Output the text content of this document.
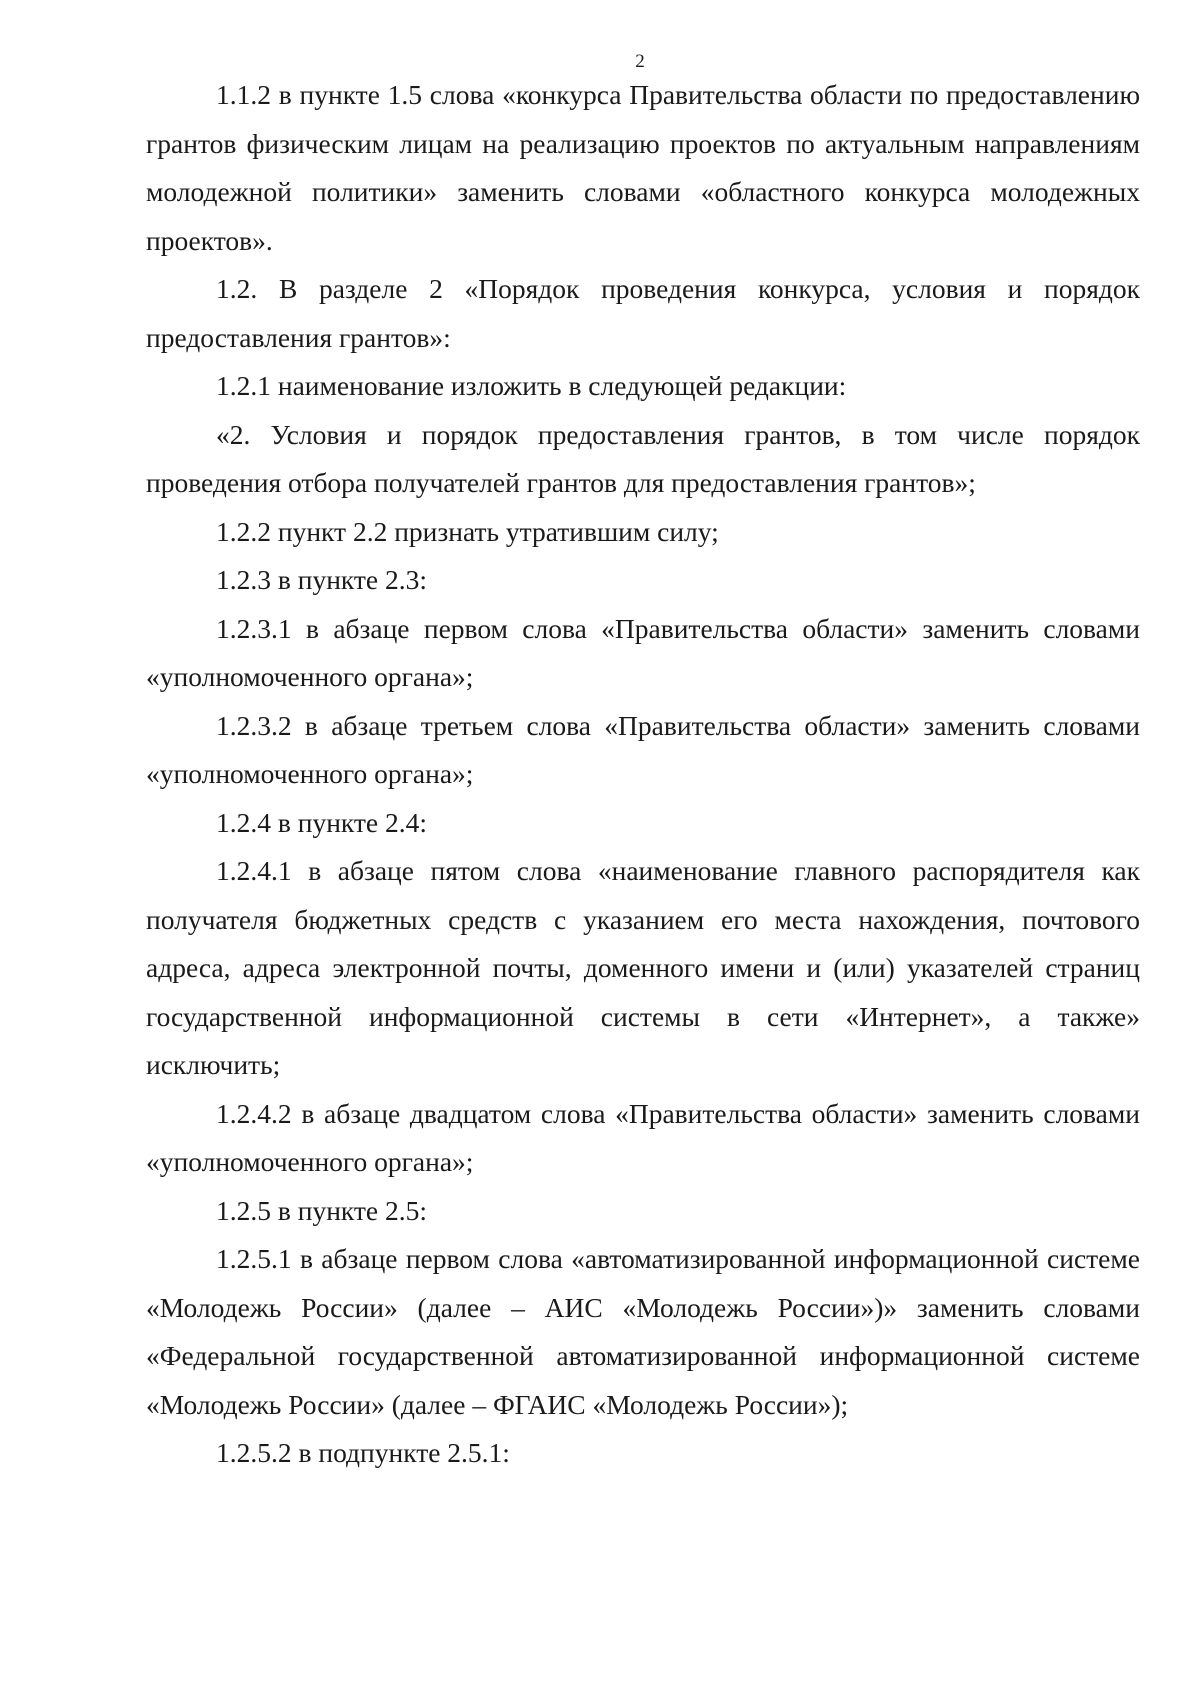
2

1.1.2 в пункте 1.5 слова «конкурса Правительства области по предоставлению грантов физическим лицам на реализацию проектов по актуальным направлениям молодежной политики» заменить словами «областного конкурса молодежных проектов».

1.2. В разделе 2 «Порядок проведения конкурса, условия и порядок предоставления грантов»:

1.2.1 наименование изложить в следующей редакции:

«2. Условия и порядок предоставления грантов, в том числе порядок проведения отбора получателей грантов для предоставления грантов»;

1.2.2 пункт 2.2 признать утратившим силу;

1.2.3 в пункте 2.3:

1.2.3.1 в абзаце первом слова «Правительства области» заменить словами «уполномоченного органа»;

1.2.3.2 в абзаце третьем слова «Правительства области» заменить словами «уполномоченного органа»;

1.2.4 в пункте 2.4:

1.2.4.1 в абзаце пятом слова «наименование главного распорядителя как получателя бюджетных средств с указанием его места нахождения, почтового адреса, адреса электронной почты, доменного имени и (или) указателей страниц государственной информационной системы в сети «Интернет», а также» исключить;

1.2.4.2 в абзаце двадцатом слова «Правительства области» заменить словами «уполномоченного органа»;

1.2.5 в пункте 2.5:

1.2.5.1 в абзаце первом слова «автоматизированной информационной системе «Молодежь России» (далее – АИС «Молодежь России»)» заменить словами «Федеральной государственной автоматизированной информационной системе «Молодежь России» (далее – ФГАИС «Молодежь России»);

1.2.5.2 в подпункте 2.5.1:
